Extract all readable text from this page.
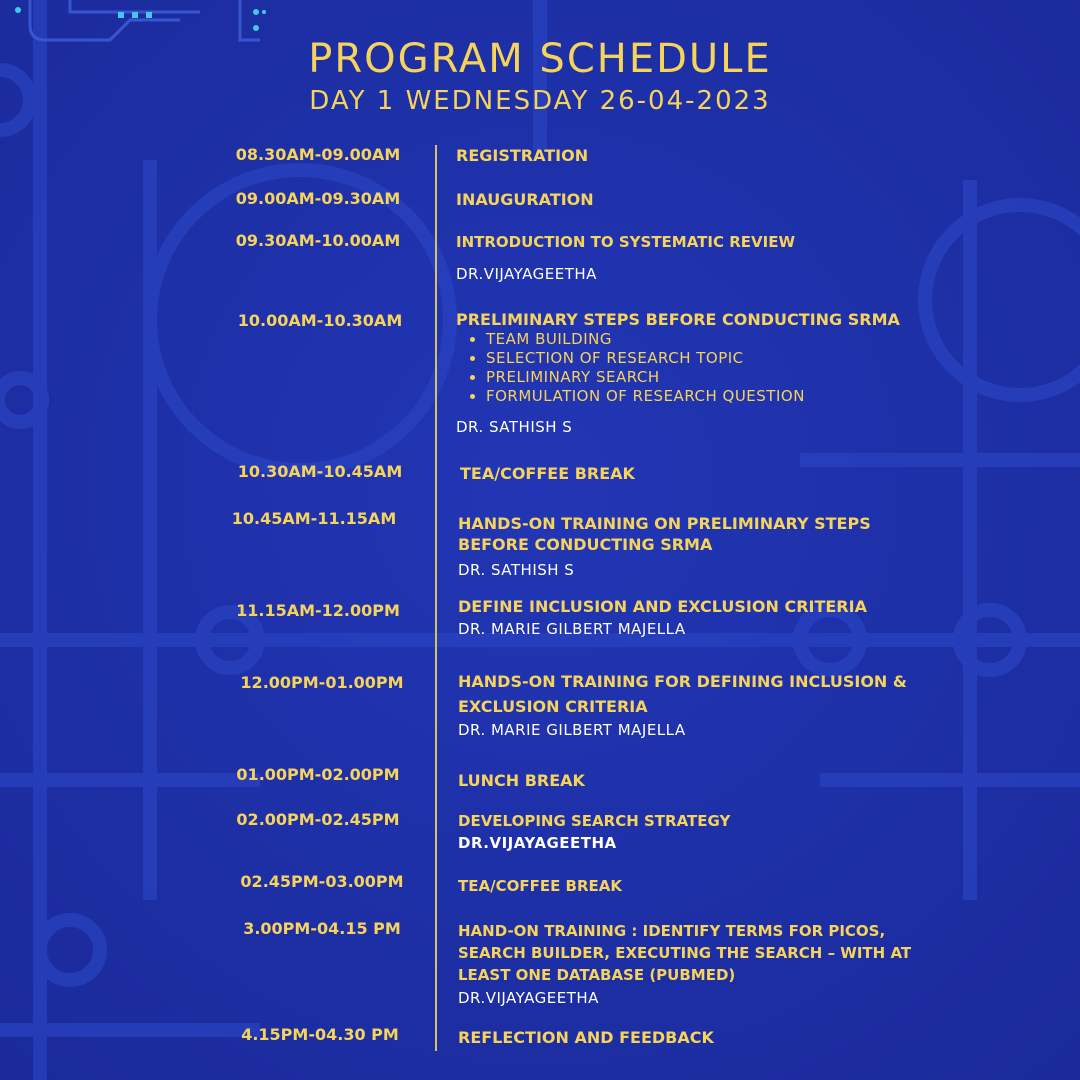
PROGRAM SCHEDULE
DAY 1 WEDNESDAY 26-04-2023
08.30AM-09.00AM	REGISTRATION
09.00AM-09.30AM	INAUGURATION
09.30AM-10.00AM	INTRODUCTION TO SYSTEMATIC REVIEW
DR.VIJAYAGEETHA
10.00AM-10.30AM	PRELIMINARY STEPS BEFORE CONDUCTING SRMA
• TEAM BUILDING
• SELECTION OF RESEARCH TOPIC
• PRELIMINARY SEARCH
• FORMULATION OF RESEARCH QUESTION
DR. SATHISH S
10.30AM-10.45AM	TEA/COFFEE BREAK
10.45AM-11.15AM	HANDS-ON TRAINING ON PRELIMINARY STEPS BEFORE CONDUCTING SRMA
DR. SATHISH S
11.15AM-12.00PM	DEFINE INCLUSION AND EXCLUSION CRITERIA
DR. MARIE GILBERT MAJELLA
12.00PM-01.00PM	HANDS-ON TRAINING FOR DEFINING INCLUSION & EXCLUSION CRITERIA
DR. MARIE GILBERT MAJELLA
01.00PM-02.00PM	LUNCH BREAK
02.00PM-02.45PM	DEVELOPING SEARCH STRATEGY
DR.VIJAYAGEETHA
02.45PM-03.00PM	TEA/COFFEE BREAK
3.00PM-04.15 PM	HAND-ON TRAINING : IDENTIFY TERMS FOR PICOS, SEARCH BUILDER, EXECUTING THE SEARCH – WITH AT LEAST ONE DATABASE (PUBMED)
DR.VIJAYAGEETHA
4.15PM-04.30 PM	REFLECTION AND FEEDBACK
